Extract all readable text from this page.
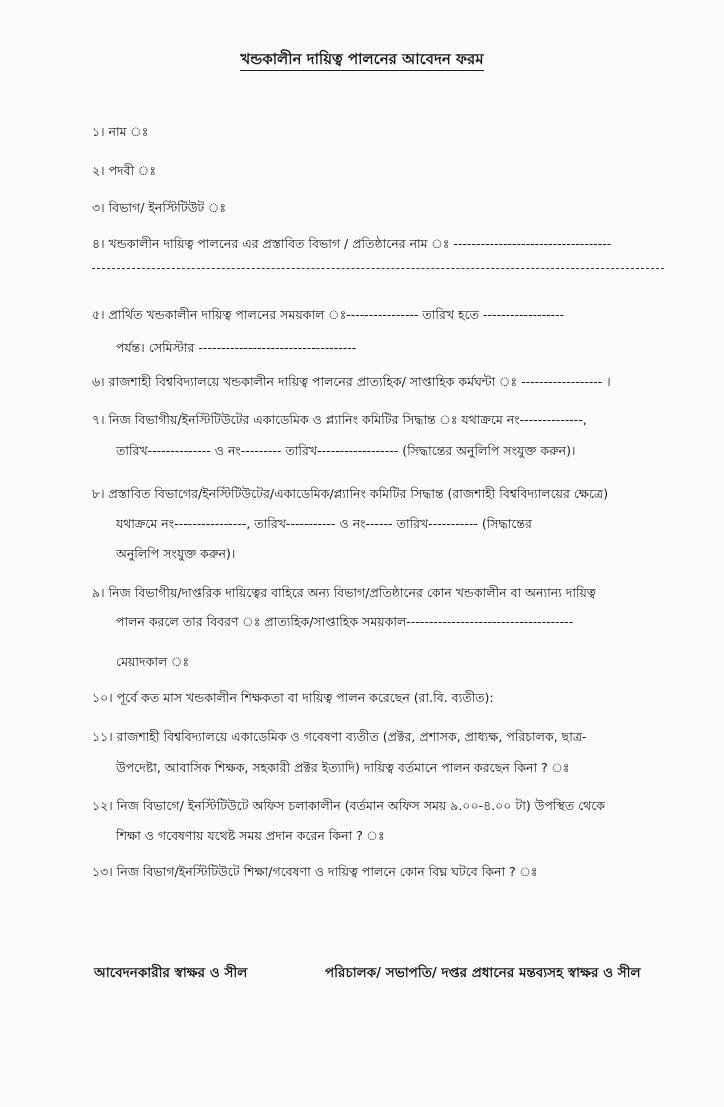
খন্ডকালীন দায়িত্ব পালনের আবেদন ফরম
১। নাম ঃ
২। পদবী ঃ
৩। বিভাগ/ ইনস্টিটিউট ঃ
৪। খন্ডকালীন দায়িত্ব পালনের এর প্রস্তাবিত বিভাগ / প্রতিষ্ঠানের নাম ঃ -----------------------------------
৫। প্রার্থিত খন্ডকালীন দায়িত্ব পালনের সময়কাল ঃ---------------- তারিখ হতে ------------------
পর্যন্ত। সেমিস্টার -----------------------------------
৬। রাজশাহী বিশ্ববিদ্যালয়ে খন্ডকালীন দায়িত্ব পালনের প্রাত্যহিক/ সাপ্তাহিক কর্মঘন্টা ঃ ------------------ ।
৭। নিজ বিভাগীয়/ইনস্টিটিউটের একাডেমিক ও প্ল্যানিং কমিটির সিদ্ধান্ত ঃ যথাক্রমে নং--------------,
তারিখ-------------- ও নং--------- তারিখ------------------ (সিদ্ধান্তের অনুলিপি সংযুক্ত করুন)।
৮। প্রস্তাবিত বিভাগের/ইনস্টিটিউটের/একাডেমিক/প্ল্যানিং কমিটির সিদ্ধান্ত (রাজশাহী বিশ্ববিদ্যালয়ের ক্ষেত্রে)
যথাক্রমে নং----------------, তারিখ----------- ও নং------ তারিখ----------- (সিদ্ধান্তের
অনুলিপি সংযুক্ত করুন)।
৯। নিজ বিভাগীয়/দাপ্তরিক দায়িত্বের বাহিরে অন্য বিভাগ/প্রতিষ্ঠানের কোন খন্ডকালীন বা অন্যান্য দায়িত্ব
পালন করলে তার বিবরণ ঃ প্রাত্যহিক/সাপ্তাহিক সময়কাল-------------------------------------
মেয়াদকাল ঃ
১০। পূর্বে কত মাস খন্ডকালীন শিক্ষকতা বা দায়িত্ব পালন করেছেন (রা.বি. ব্যতীত):
১১। রাজশাহী বিশ্ববিদ্যালয়ে একাডেমিক ও গবেষণা ব্যতীত (প্রক্টর, প্রশাসক, প্রাধ্যক্ষ, পরিচালক, ছাত্র-
উপদেষ্টা, আবাসিক শিক্ষক, সহকারী প্রক্টর ইত্যাদি) দায়িত্ব বর্তমানে পালন করছেন কিনা ? ঃ
১২। নিজ বিভাগে/ ইনস্টিটিউটে অফিস চলাকালীন (বর্তমান অফিস সময় ৯.০০-৪.০০ টা) উপস্থিত থেকে
শিক্ষা ও গবেষণায় যথেষ্ট সময় প্রদান করেন কিনা ? ঃ
১৩। নিজ বিভাগ/ইনস্টিটিউটে শিক্ষা/গবেষণা ও দায়িত্ব পালনে কোন বিঘ্ন ঘটবে কিনা ? ঃ
আবেদনকারীর স্বাক্ষর ও সীল	পরিচালক/ সভাপতি/ দপ্তর প্রধানের মন্তব্যসহ স্বাক্ষর ও সীল
